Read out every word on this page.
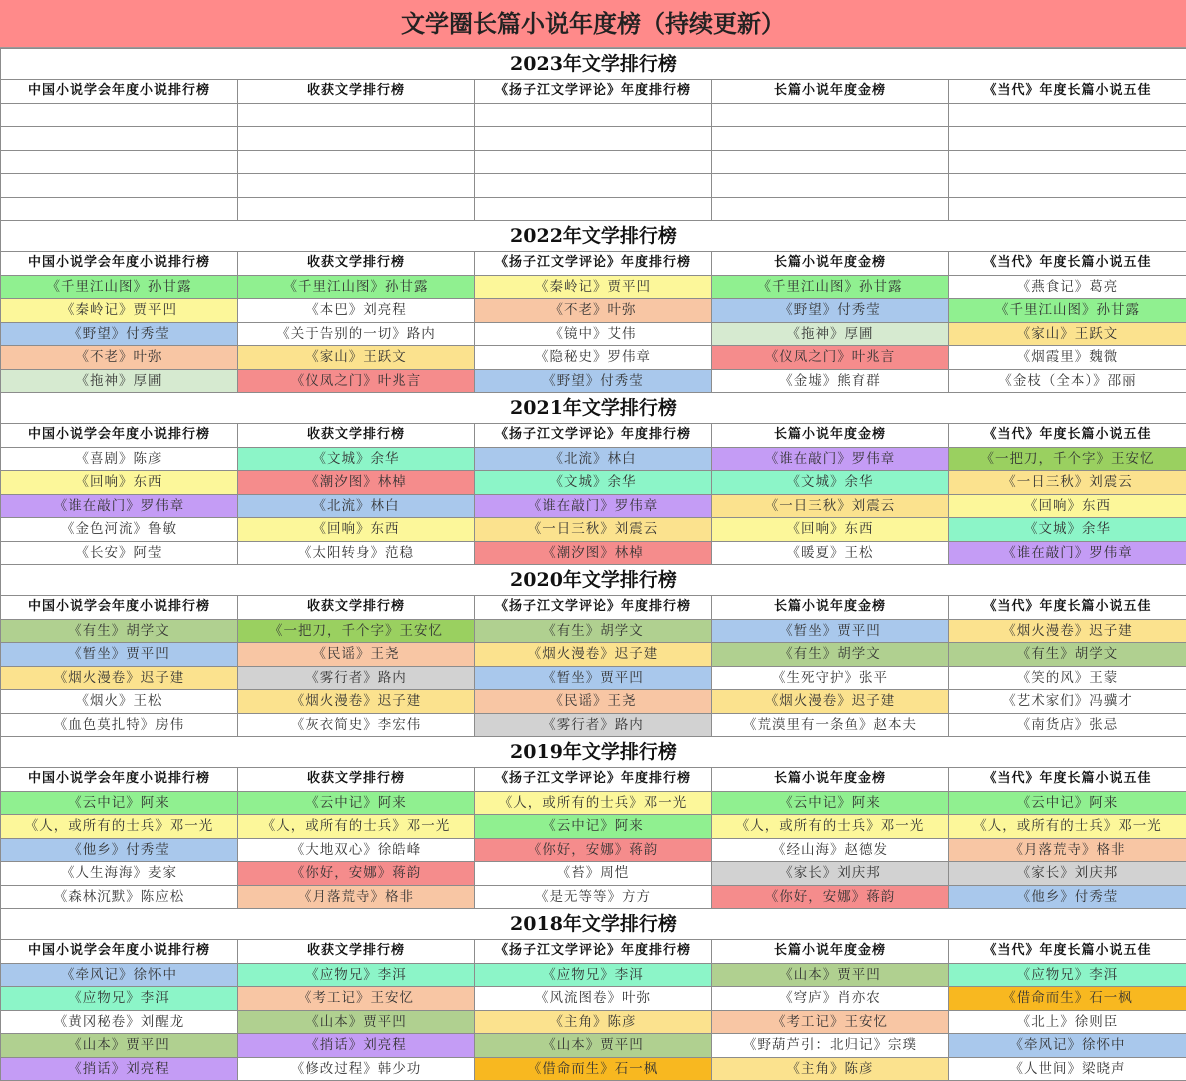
文学圈长篇小说年度榜（持续更新）
2023年文学排行榜				
中国小说学会年度小说排行榜	收获文学排行榜	《扬子江文学评论》年度排行榜	长篇小说年度金榜	《当代》年度长篇小说五佳

2022年文学排行榜				
中国小说学会年度小说排行榜	收获文学排行榜	《扬子江文学评论》年度排行榜	长篇小说年度金榜	《当代》年度长篇小说五佳
《千里江山图》孙甘露	《千里江山图》孙甘露	《秦岭记》贾平凹	《千里江山图》孙甘露	《燕食记》葛亮
《秦岭记》贾平凹	《本巴》刘亮程	《不老》叶弥	《野望》付秀莹	《千里江山图》孙甘露
《野望》付秀莹	《关于告别的一切》路内	《镜中》艾伟	《拖神》厚圃	《家山》王跃文
《不老》叶弥	《家山》王跃文	《隐秘史》罗伟章	《仪凤之门》叶兆言	《烟霞里》魏微
《拖神》厚圃	《仪凤之门》叶兆言	《野望》付秀莹	《金墟》熊育群	《金枝（全本）》邵丽
2021年文学排行榜				
中国小说学会年度小说排行榜	收获文学排行榜	《扬子江文学评论》年度排行榜	长篇小说年度金榜	《当代》年度长篇小说五佳
《喜剧》陈彦	《文城》余华	《北流》林白	《谁在敲门》罗伟章	《一把刀，千个字》王安忆
《回响》东西	《潮汐图》林棹	《文城》余华	《文城》余华	《一日三秋》刘震云
《谁在敲门》罗伟章	《北流》林白	《谁在敲门》罗伟章	《一日三秋》刘震云	《回响》东西
《金色河流》鲁敏	《回响》东西	《一日三秋》刘震云	《回响》东西	《文城》余华
《长安》阿莹	《太阳转身》范稳	《潮汐图》林棹	《暖夏》王松	《谁在敲门》罗伟章
2020年文学排行榜				
中国小说学会年度小说排行榜	收获文学排行榜	《扬子江文学评论》年度排行榜	长篇小说年度金榜	《当代》年度长篇小说五佳
《有生》胡学文	《一把刀，千个字》王安忆	《有生》胡学文	《暂坐》贾平凹	《烟火漫卷》迟子建
《暂坐》贾平凹	《民谣》王尧	《烟火漫卷》迟子建	《有生》胡学文	《有生》胡学文
《烟火漫卷》迟子建	《雾行者》路内	《暂坐》贾平凹	《生死守护》张平	《笑的风》王蒙
《烟火》王松	《烟火漫卷》迟子建	《民谣》王尧	《烟火漫卷》迟子建	《艺术家们》冯骥才
《血色莫扎特》房伟	《灰衣简史》李宏伟	《雾行者》路内	《荒漠里有一条鱼》赵本夫	《南货店》张忌
2019年文学排行榜				
中国小说学会年度小说排行榜	收获文学排行榜	《扬子江文学评论》年度排行榜	长篇小说年度金榜	《当代》年度长篇小说五佳
《云中记》阿来	《云中记》阿来	《人，或所有的士兵》邓一光	《云中记》阿来	《云中记》阿来
《人，或所有的士兵》邓一光	《人，或所有的士兵》邓一光	《云中记》阿来	《人，或所有的士兵》邓一光	《人，或所有的士兵》邓一光
《他乡》付秀莹	《大地双心》徐皓峰	《你好，安娜》蒋韵	《经山海》赵德发	《月落荒寺》格非
《人生海海》麦家	《你好，安娜》蒋韵	《苔》周恺	《家长》刘庆邦	《家长》刘庆邦
《森林沉默》陈应松	《月落荒寺》格非	《是无等等》方方	《你好，安娜》蒋韵	《他乡》付秀莹
2018年文学排行榜				
中国小说学会年度小说排行榜	收获文学排行榜	《扬子江文学评论》年度排行榜	长篇小说年度金榜	《当代》年度长篇小说五佳
《牵风记》徐怀中	《应物兄》李洱	《应物兄》李洱	《山本》贾平凹	《应物兄》李洱
《应物兄》李洱	《考工记》王安忆	《风流图卷》叶弥	《穹庐》肖亦农	《借命而生》石一枫
《黄冈秘卷》刘醒龙	《山本》贾平凹	《主角》陈彦	《考工记》王安忆	《北上》徐则臣
《山本》贾平凹	《捎话》刘亮程	《山本》贾平凹	《野葫芦引：北归记》宗璞	《牵风记》徐怀中
《捎话》刘亮程	《修改过程》韩少功	《借命而生》石一枫	《主角》陈彦	《人世间》梁晓声
